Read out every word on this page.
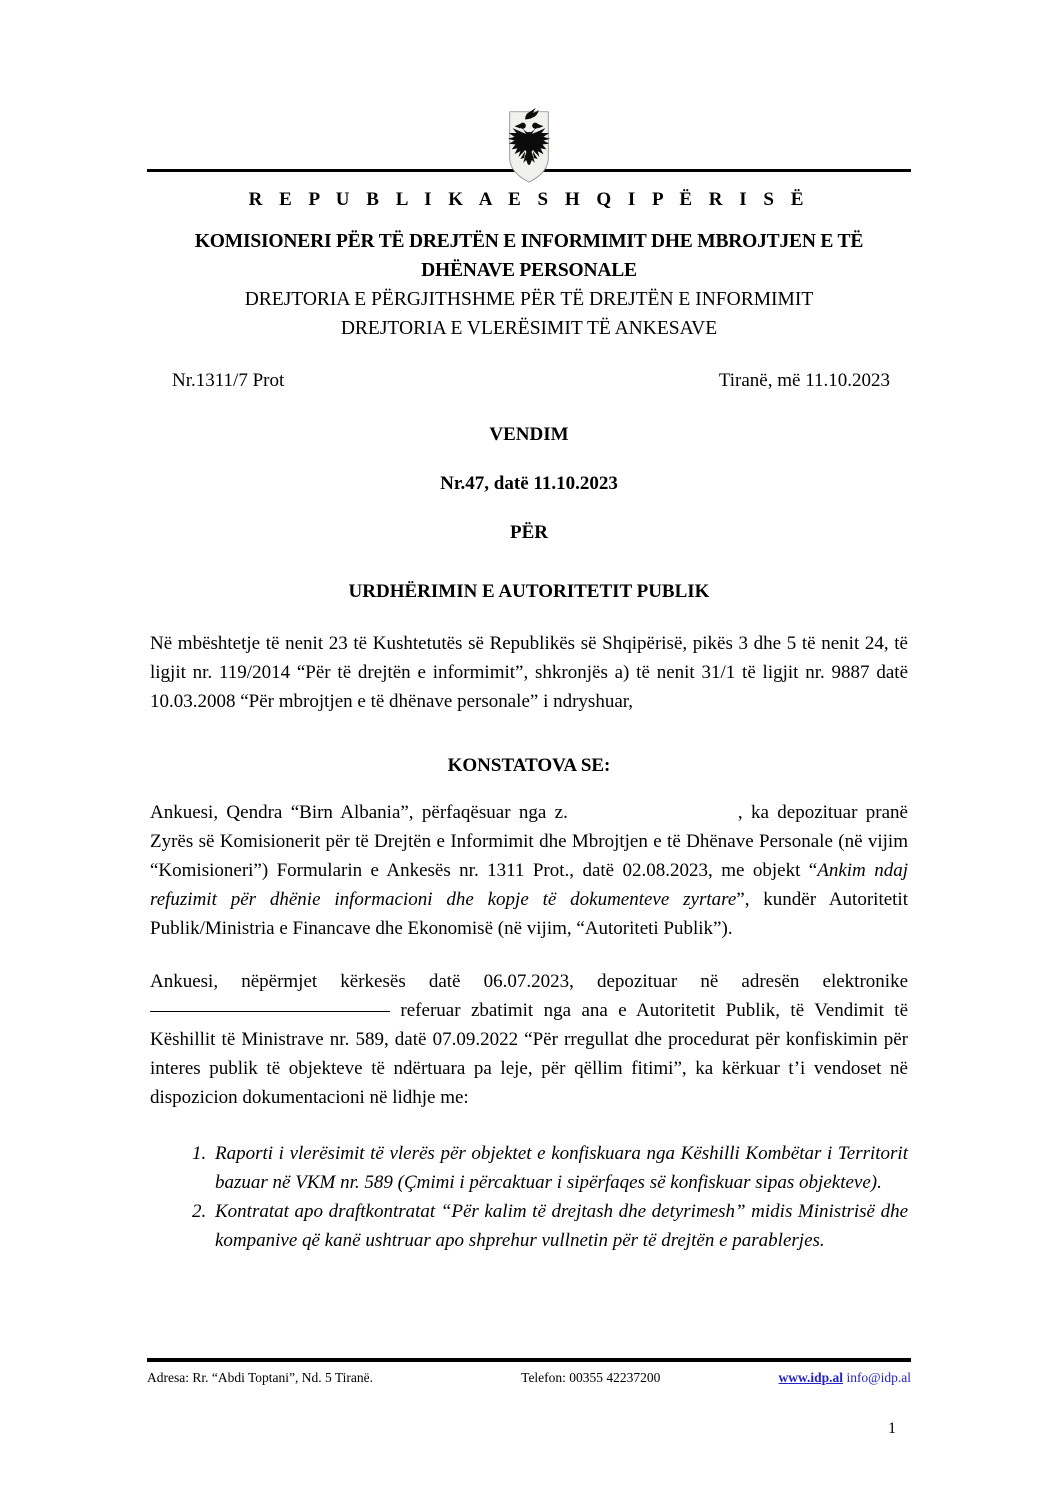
R E P U B L I K A E S H Q I P Ë R I S Ë
KOMISIONERI PËR TË DREJTËN E INFORMIMIT DHE MBROJTJEN E TË DHËNAVE PERSONALE
DREJTORIA E PËRGJITHSHME PËR TË DREJTËN E INFORMIMIT
DREJTORIA E VLERËSIMIT TË ANKESAVE
Nr.1311/7 Prot	Tiranë, më 11.10.2023
VENDIM
Nr.47, datë 11.10.2023
PËR
URDHËRIMIN E AUTORITETIT PUBLIK

Në mbështetje të nenit 23 të Kushtetutës së Republikës së Shqipërisë, pikës 3 dhe 5 të nenit 24, të ligjit nr. 119/2014 “Për të drejtën e informimit”, shkronjës a) të nenit 31/1 të ligjit nr. 9887 datë 10.03.2008 “Për mbrojtjen e të dhënave personale” i ndryshuar,

KONSTATOVA SE:

Ankuesi, Qendra “Birn Albania”, përfaqësuar nga z.	, ka depozituar pranë Zyrës së Komisionerit për të Drejtën e Informimit dhe Mbrojtjen e të Dhënave Personale (në vijim “Komisioneri”) Formularin e Ankesës nr. 1311 Prot., datë 02.08.2023, me objekt “Ankim ndaj refuzimit për dhënie informacioni dhe kopje të dokumenteve zyrtare”, kundër Autoritetit Publik/Ministria e Financave dhe Ekonomisë (në vijim, “Autoriteti Publik”).

Ankuesi, nëpërmjet kërkesës datë 06.07.2023, depozituar në adresën elektronike  referuar zbatimit nga ana e Autoritetit Publik, të Vendimit të Këshillit të Ministrave nr. 589, datë 07.09.2022 “Për rregullat dhe procedurat për konfiskimin për interes publik të objekteve të ndërtuara pa leje, për qëllim fitimi”, ka kërkuar t’i vendoset në dispozicion dokumentacioni në lidhje me:

1. Raporti i vlerësimit të vlerës për objektet e konfiskuara nga Këshilli Kombëtar i Territorit bazuar në VKM nr. 589 (Çmimi i përcaktuar i sipërfaqes së konfiskuar sipas objekteve).
2. Kontratat apo draftkontratat “Për kalim të drejtash dhe detyrimesh” midis Ministrisë dhe kompanive që kanë ushtruar apo shprehur vullnetin për të drejtën e parablerjes.
Adresa: Rr. “Abdi Toptani”, Nd. 5 Tiranë.	Telefon: 00355 42237200	www.idp.al info@idp.al
1
